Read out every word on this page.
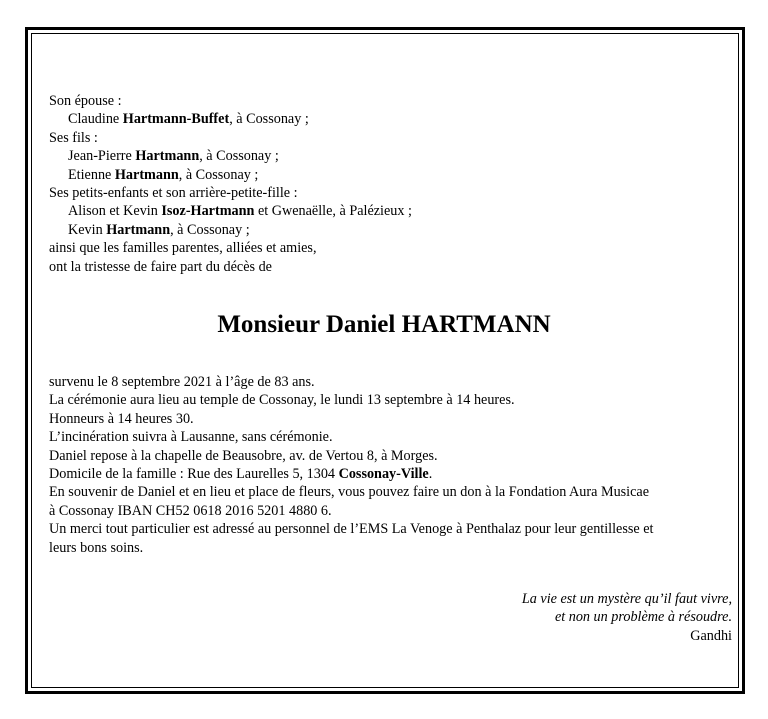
Son épouse :
Claudine Hartmann-Buffet, à Cossonay ;
Ses fils :
Jean-Pierre Hartmann, à Cossonay ;
Etienne Hartmann, à Cossonay ;
Ses petits-enfants et son arrière-petite-fille :
Alison et Kevin Isoz-Hartmann et Gwenaëlle, à Palézieux ;
Kevin Hartmann, à Cossonay ;
ainsi que les familles parentes, alliées et amies,
ont la tristesse de faire part du décès de
Monsieur Daniel HARTMANN
survenu le 8 septembre 2021 à l’âge de 83 ans.
La cérémonie aura lieu au temple de Cossonay, le lundi 13 septembre à 14 heures.
Honneurs à 14 heures 30.
L’incinération suivra à Lausanne, sans cérémonie.
Daniel repose à la chapelle de Beausobre, av. de Vertou 8, à Morges.
Domicile de la famille : Rue des Laurelles 5, 1304 Cossonay-Ville.
En souvenir de Daniel et en lieu et place de fleurs, vous pouvez faire un don à la Fondation Aura Musicae
à Cossonay IBAN CH52 0618 2016 5201 4880 6.
Un merci tout particulier est adressé au personnel de l’EMS La Venoge à Penthalaz pour leur gentillesse et
leurs bons soins.
La vie est un mystère qu’il faut vivre,
et non un problème à résoudre.
Gandhi
